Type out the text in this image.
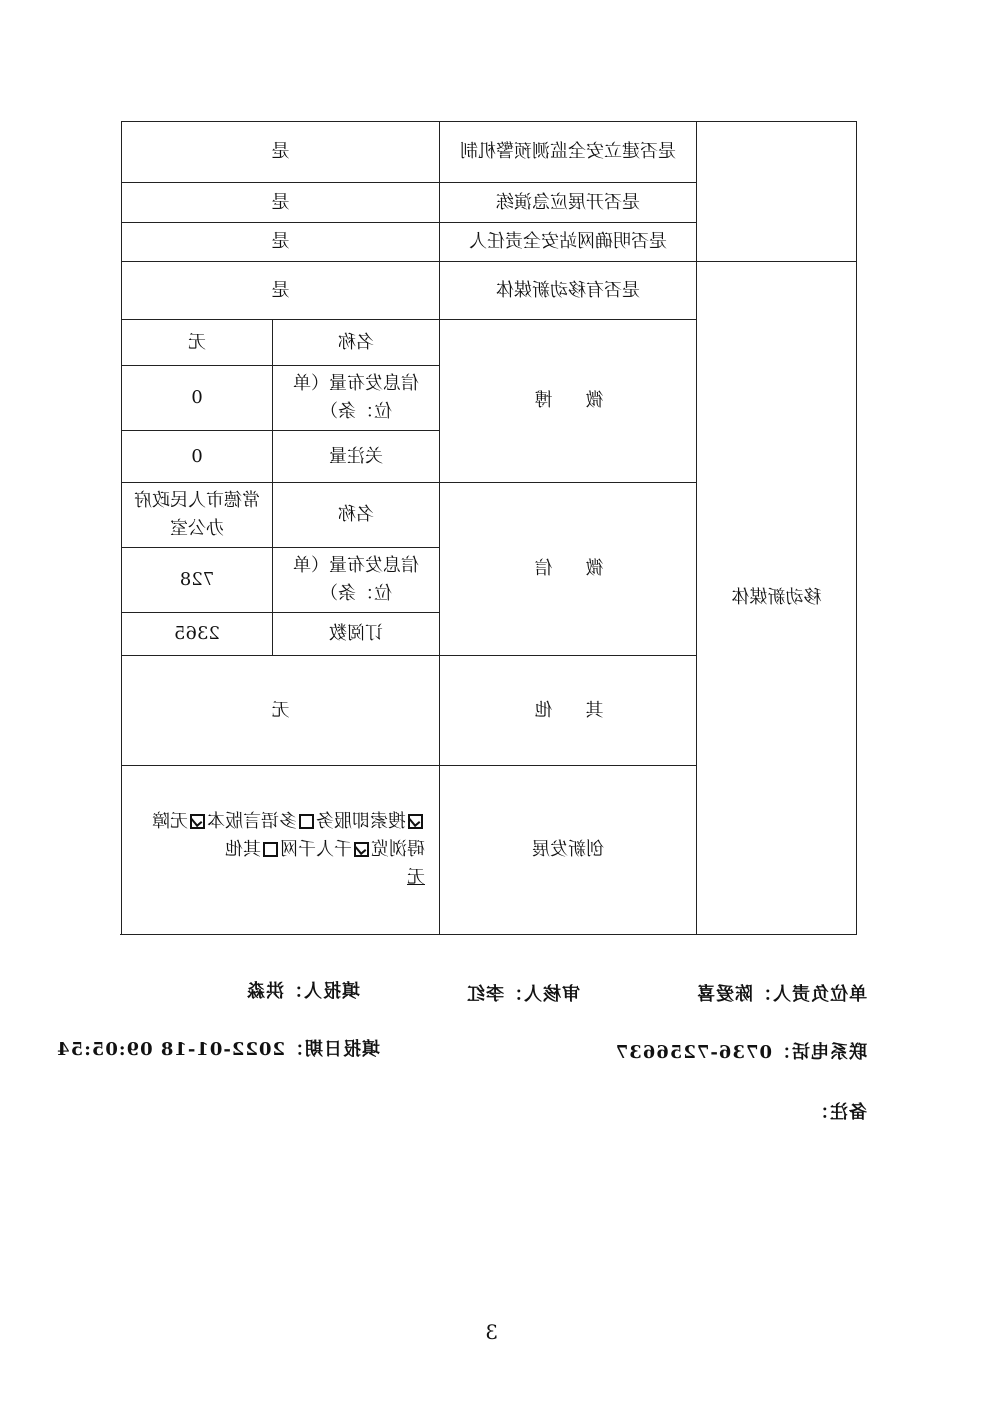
	是否建立安全监测预警机制	是	
	是否开展应急演练	是	
	是否明确网站安全责任人	是	
移动新媒体	是否有移动新媒体	是	
	微    博	名称	无
		信息发布量（单位：条）	0
		关注量	0
	微    信	名称	常德市人民政府办公室
		信息发布量（单位：条）	728
		订阅数	2365
	其    他	无	
	创新发展	搜索即服务多语言版本无障碍浏览千人千网其他
无	
单位负责人：陈爱喜
审核人：李红
填报人：洪淼
联系电话：0736-7256637
填报日期：2022-01-18 09:05:54
备注：
3
